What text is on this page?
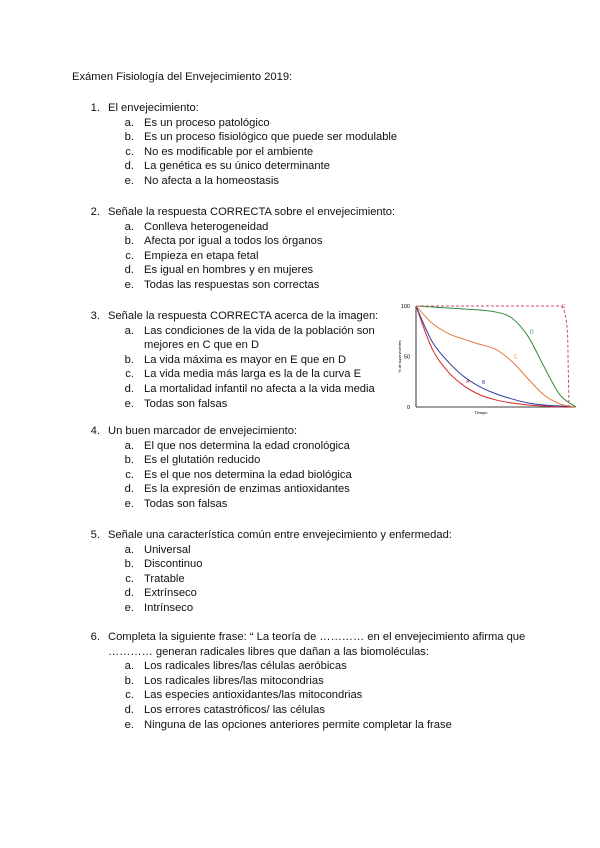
Exámen Fisiología del Envejecimiento 2019:
1. El envejecimiento:
a. Es un proceso patológico
b. Es un proceso fisiológico que puede ser modulable
c. No es modificable por el ambiente
d. La genética es su único determinante
e. No afecta a la homeostasis
2. Señale la respuesta CORRECTA sobre el envejecimiento:
a. Conlleva heterogeneidad
b. Afecta por igual a todos los órganos
c. Empieza en etapa fetal
d. Es igual en hombres y en mujeres
e. Todas las respuestas son correctas
3. Señale la respuesta CORRECTA acerca de la imagen:
a. Las condiciones de la vida de la población son mejores en C que en D
b. La vida máxima es mayor en E que en D
c. La vida media más larga es la de la curva E
d. La mortalidad infantil no afecta a la vida media
e. Todas son falsas
4. Un buen marcador de envejecimiento:
a. El que nos determina la edad cronológica
b. Es el glutatión reducido
c. Es el que nos determina la edad biológica
d. Es la expresión de enzimas antioxidantes
e. Todas son falsas
5. Señale una característica común entre envejecimiento y enfermedad:
a. Universal
b. Discontinuo
c. Tratable
d. Extrínseco
e. Intrínseco
6. Completa la siguiente frase: “ La teoría de ………… en el envejecimiento afirma que ………… generan radicales libres que dañan a las biomoléculas:
a. Los radicales libres/las células aeróbicas
b. Los radicales libres/las mitocondrias
c. Las especies antioxidantes/las mitocondrias
d. Los errores catastróficos/ las células
e. Ninguna de las opciones anteriores permite completar la frase
0
50
100
% de supervivientes
Tiempo
A	B
C
D
E
